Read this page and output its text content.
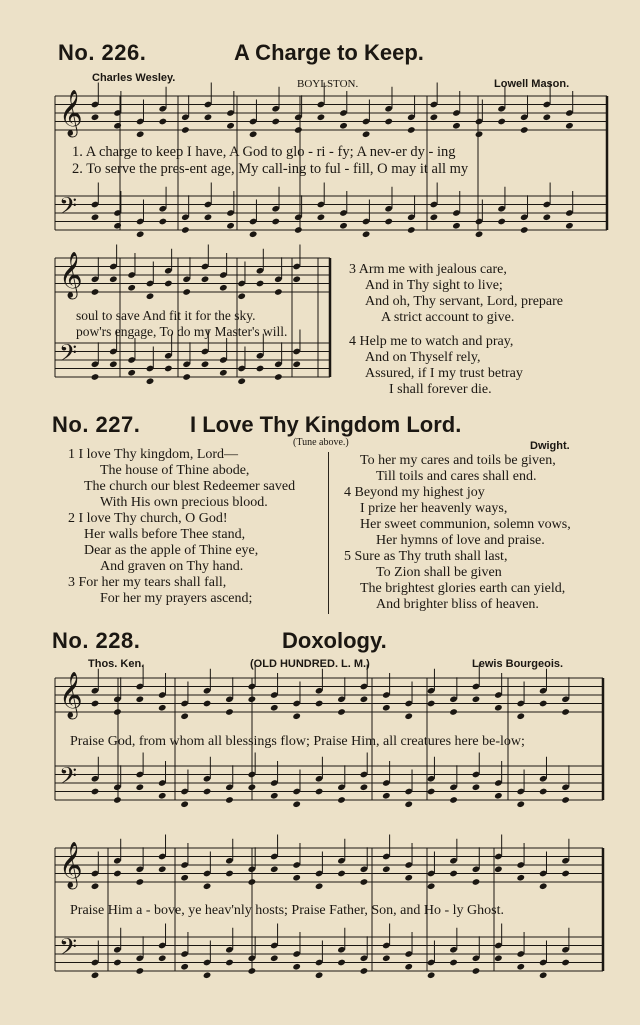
No. 226.	A Charge to Keep.
Charles Wesley.	BOYLSTON.	Lowell Mason.
𝄞
𝄢
𝄞
𝄢
𝄞
𝄢
𝄞
𝄢
1. A charge to keep I have, A God to glo - ri - fy; A nev-er dy - ing
2. To serve the pres-ent age, My call-ing to ful - fill, O may it all my
soul to save And fit it for the sky.
pow'rs engage, To do my Master's will.
3 Arm me with jealous care,
And in Thy sight to live;
And oh, Thy servant, Lord, prepare
A strict account to give.
4 Help me to watch and pray,
And on Thyself rely,
Assured, if I my trust betray
I shall forever die.
No. 227. I Love Thy Kingdom Lord.
(Tune above.)	Dwight.
1 I love Thy kingdom, Lord—
The house of Thine abode,
The church our blest Redeemer saved
With His own precious blood.
2 I love Thy church, O God!
Her walls before Thee stand,
Dear as the apple of Thine eye,
And graven on Thy hand.
3 For her my tears shall fall,
For her my prayers ascend;
To her my cares and toils be given,
Till toils and cares shall end.
4 Beyond my highest joy
I prize her heavenly ways,
Her sweet communion, solemn vows,
Her hymns of love and praise.
5 Sure as Thy truth shall last,
To Zion shall be given
The brightest glories earth can yield,
And brighter bliss of heaven.
No. 228.	Doxology.
Thos. Ken.	(OLD HUNDRED. L. M.)	Lewis Bourgeois.
Praise God, from whom all blessings flow; Praise Him, all creatures here be-low;
Praise Him a - bove, ye heav'nly hosts; Praise Father, Son, and Ho - ly Ghost.
